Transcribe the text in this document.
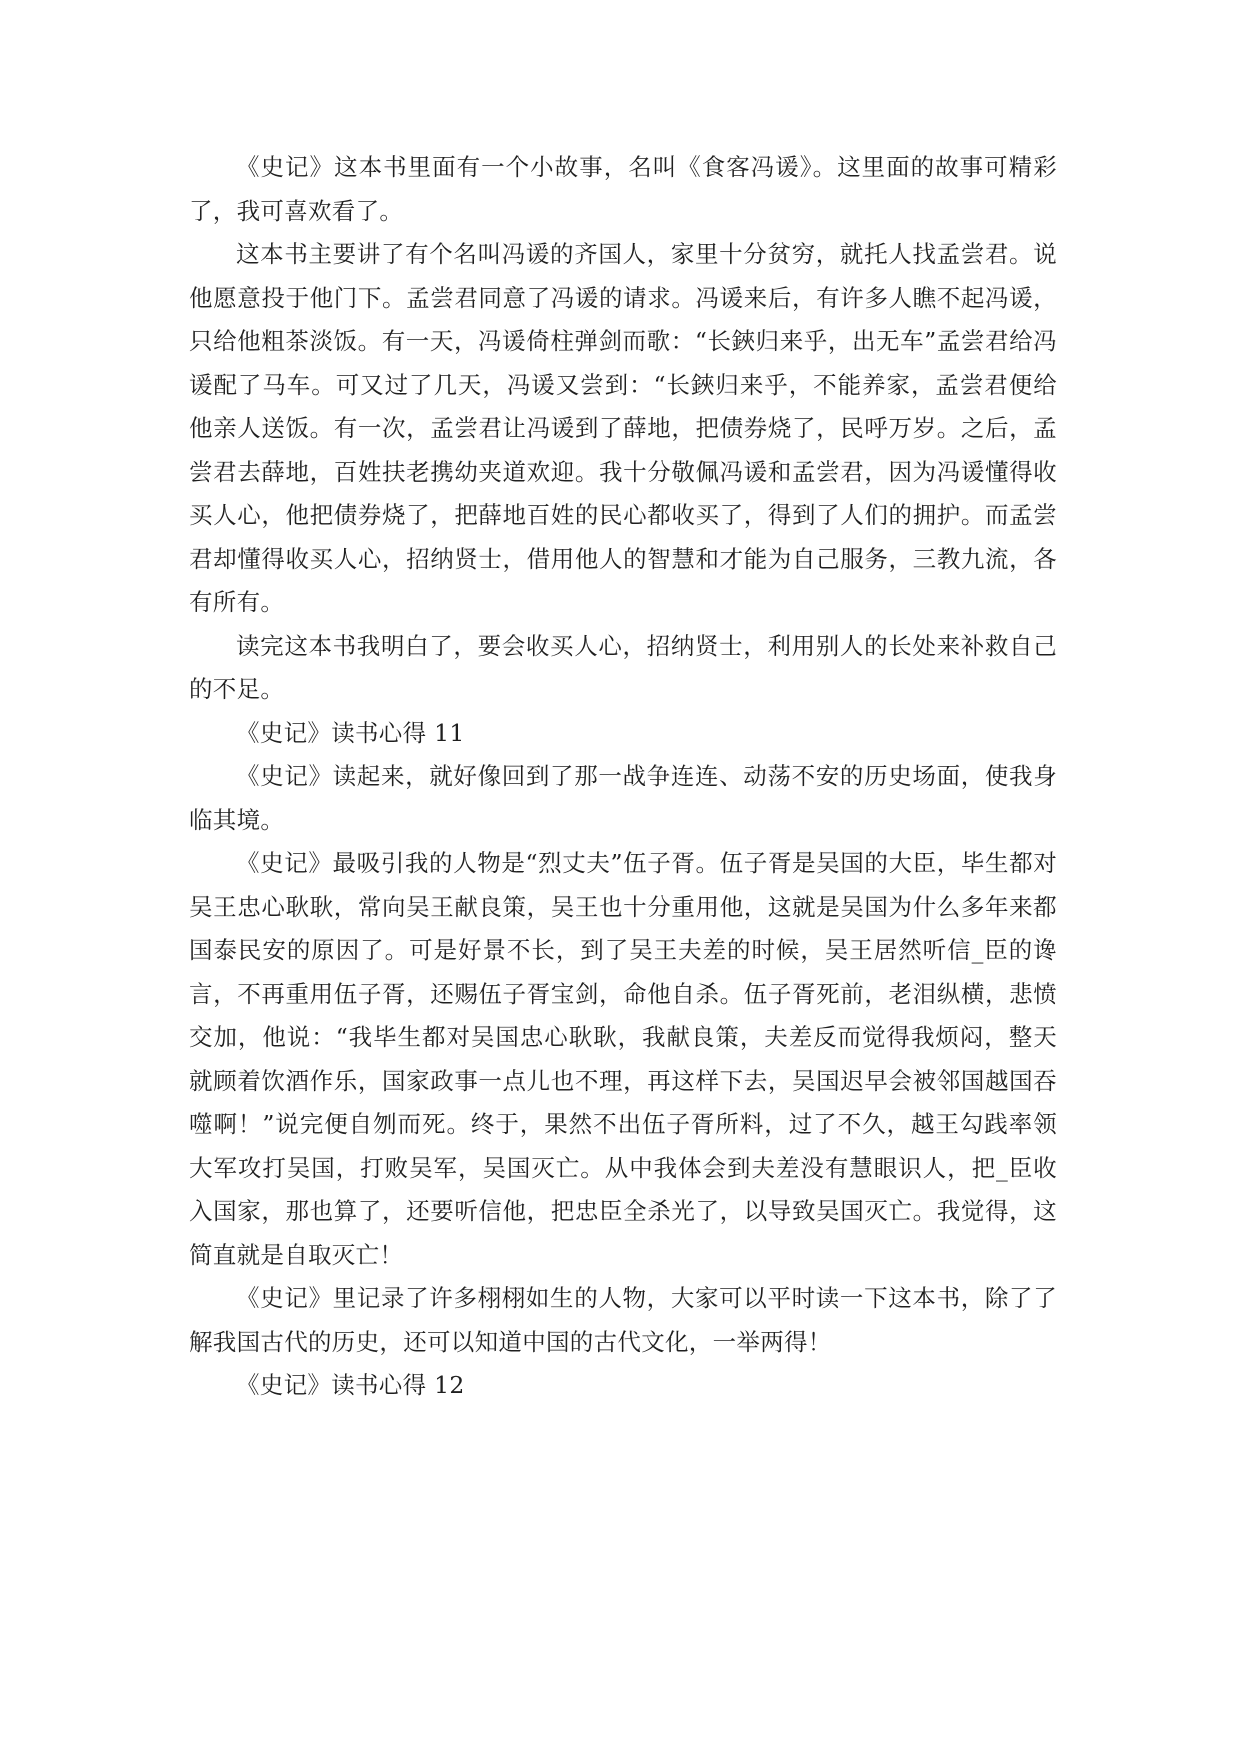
《史记》这本书里面有一个小故事，名叫《食客冯谖》。这里面的故事可精彩了，我可喜欢看了。

这本书主要讲了有个名叫冯谖的齐国人，家里十分贫穷，就托人找孟尝君。说他愿意投于他门下。孟尝君同意了冯谖的请求。冯谖来后，有许多人瞧不起冯谖，只给他粗茶淡饭。有一天，冯谖倚柱弹剑而歌：“长鋏归来乎，出无车”孟尝君给冯谖配了马车。可又过了几天，冯谖又尝到：“长鋏归来乎，不能养家，孟尝君便给他亲人送饭。有一次，孟尝君让冯谖到了薛地，把债券烧了，民呼万岁。之后，孟尝君去薛地，百姓扶老携幼夹道欢迎。我十分敬佩冯谖和孟尝君，因为冯谖懂得收买人心，他把债券烧了，把薛地百姓的民心都收买了，得到了人们的拥护。而孟尝君却懂得收买人心，招纳贤士，借用他人的智慧和才能为自己服务，三教九流，各有所有。

读完这本书我明白了，要会收买人心，招纳贤士，利用别人的长处来补救自己的不足。

《史记》读书心得 11

《史记》读起来，就好像回到了那一战争连连、动荡不安的历史场面，使我身临其境。

《史记》最吸引我的人物是“烈丈夫”伍子胥。伍子胥是吴国的大臣，毕生都对吴王忠心耿耿，常向吴王献良策，吴王也十分重用他，这就是吴国为什么多年来都国泰民安的原因了。可是好景不长，到了吴王夫差的时候，吴王居然听信_臣的谗言，不再重用伍子胥，还赐伍子胥宝剑，命他自杀。伍子胥死前，老泪纵横，悲愤交加，他说：“我毕生都对吴国忠心耿耿，我献良策，夫差反而觉得我烦闷，整天就顾着饮酒作乐，国家政事一点儿也不理，再这样下去，吴国迟早会被邻国越国吞噬啊！”说完便自刎而死。终于，果然不出伍子胥所料，过了不久，越王勾践率领大军攻打吴国，打败吴军，吴国灭亡。从中我体会到夫差没有慧眼识人，把_臣收入国家，那也算了，还要听信他，把忠臣全杀光了，以导致吴国灭亡。我觉得，这简直就是自取灭亡！

《史记》里记录了许多栩栩如生的人物，大家可以平时读一下这本书，除了了解我国古代的历史，还可以知道中国的古代文化，一举两得！

《史记》读书心得 12
